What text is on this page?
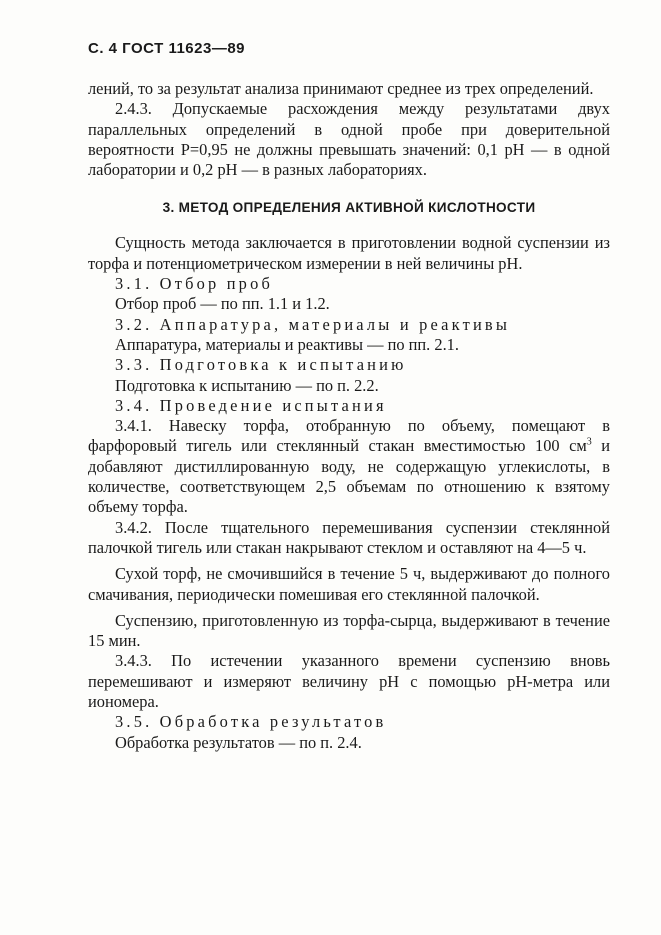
С. 4 ГОСТ 11623—89

лений, то за результат анализа принимают среднее из трех определений.

2.4.3. Допускаемые расхождения между результатами двух параллельных определений в одной пробе при доверительной вероятности P=0,95 не должны превышать значений: 0,1 pH — в одной лаборатории и 0,2 pH — в разных лабораториях.

3. МЕТОД ОПРЕДЕЛЕНИЯ АКТИВНОЙ КИСЛОТНОСТИ

Сущность метода заключается в приготовлении водной суспензии из торфа и потенциометрическом измерении в ней величины pH.

3.1. Отбор проб

Отбор проб — по пп. 1.1 и 1.2.

3.2. Аппаратура, материалы и реактивы

Аппаратура, материалы и реактивы — по пп. 2.1.

3.3. Подготовка к испытанию

Подготовка к испытанию — по п. 2.2.

3.4. Проведение испытания

3.4.1. Навеску торфа, отобранную по объему, помещают в фарфоровый тигель или стеклянный стакан вместимостью 100 $см^3$ и добавляют дистиллированную воду, не содержащую углекислоты, в количестве, соответствующем 2,5 объемам по отношению к взятому объему торфа.

3.4.2. После тщательного перемешивания суспензии стеклянной палочкой тигель или стакан накрывают стеклом и оставляют на 4—5 ч.

Сухой торф, не смочившийся в течение 5 ч, выдерживают до полного смачивания, периодически помешивая его стеклянной палочкой.

Суспензию, приготовленную из торфа-сырца, выдерживают в течение 15 мин.

3.4.3. По истечении указанного времени суспензию вновь перемешивают и измеряют величину pH с помощью pH-метра или иономера.

3.5. Обработка результатов

Обработка результатов — по п. 2.4.
